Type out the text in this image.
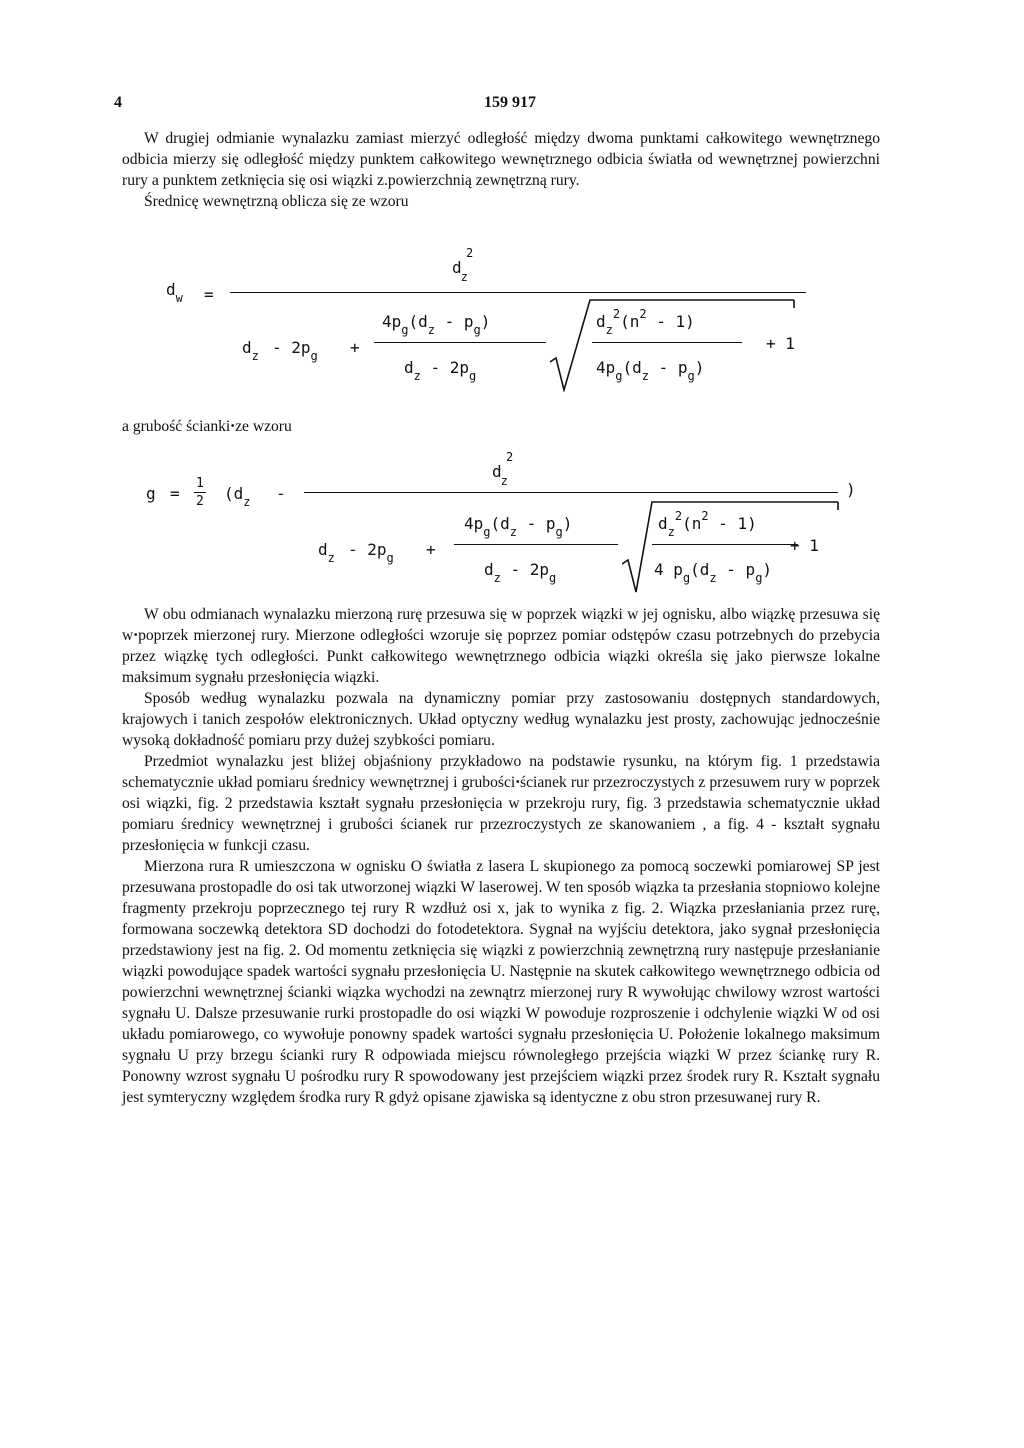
4	159 917

W drugiej odmianie wynalazku zamiast mierzyć odległość między dwoma punktami całkowitego wewnętrznego odbicia mierzy się odległość między punktem całkowitego wewnętrznego odbicia światła od wewnętrznej powierzchni rury a punktem zetknięcia się osi wiązki z.powierzchnią zewnętrzną rury.

Średnicę wewnętrzną oblicza się ze wzoru

$d_w$ =
$d_z$
2
$d_z - 2p_g$ +
$4p_g(d_z - p_g)$
$d_z - 2p_g$
$d_z^2(n^2 - 1)$
$4p_g(d_z - p_g)$
+ 1

a grubość ściankiꞏze wzoru

g =
1
2 ($d_z$ -
$d_z$
2
)
$d_z - 2p_g$ +
$4p_g(d_z - p_g)$
$d_z - 2p_g$
$d_z^2(n^2 - 1)$
4 $p_g(d_z - p_g)$
+ 1

W obu odmianach wynalazku mierzoną rurę przesuwa się w poprzek wiązki w jej ognisku, albo wiązkę przesuwa się wꞏpoprzek mierzonej rury. Mierzone odległości wzoruje się poprzez pomiar odstępów czasu potrzebnych do przebycia przez wiązkę tych odległości. Punkt całkowitego wewnętrznego odbicia wiązki określa się jako pierwsze lokalne maksimum sygnału przesłonięcia wiązki.

Sposób według wynalazku pozwala na dynamiczny pomiar przy zastosowaniu dostępnych standardowych, krajowych i tanich zespołów elektronicznych. Układ optyczny według wynalazku jest prosty, zachowując jednocześnie wysoką dokładność pomiaru przy dużej szybkości pomiaru.

Przedmiot wynalazku jest bliżej objaśniony przykładowo na podstawie rysunku, na którym fig. 1 przedstawia schematycznie układ pomiaru średnicy wewnętrznej i grubościꞏścianek rur przezroczystych z przesuwem rury w poprzek osi wiązki, fig. 2 przedstawia kształt sygnału przesłonięcia w przekroju rury, fig. 3 przedstawia schematycznie układ pomiaru średnicy wewnętrznej i grubości ścianek rur przezroczystych ze skanowaniem , a fig. 4 - kształt sygnału przesłonięcia w funkcji czasu.

Mierzona rura R umieszczona w ognisku O światła z lasera L skupionego za pomocą soczewki pomiarowej SP jest przesuwana prostopadle do osi tak utworzonej wiązki W laserowej. W ten sposób wiązka ta przesłania stopniowo kolejne fragmenty przekroju poprzecznego tej rury R wzdłuż osi x, jak to wynika z fig. 2. Wiązka przesłaniania przez rurę, formowana soczewką detektora SD dochodzi do fotodetektora. Sygnał na wyjściu detektora, jako sygnał przesłonięcia przedstawiony jest na fig. 2. Od momentu zetknięcia się wiązki z powierzchnią zewnętrzną rury następuje przesłanianie wiązki powodujące spadek wartości sygnału przesłonięcia U. Następnie na skutek całkowitego wewnętrznego odbicia od powierzchni wewnętrznej ścianki wiązka wychodzi na zewnątrz mierzonej rury R wywołując chwilowy wzrost wartości sygnału U. Dalsze przesuwanie rurki prostopadle do osi wiązki W powoduje rozproszenie i odchylenie wiązki W od osi układu pomiarowego, co wywołuje ponowny spadek wartości sygnału przesłonięcia U. Położenie lokalnego maksimum sygnału U przy brzegu ścianki rury R odpowiada miejscu równoległego przejścia wiązki W przez ściankę rury R. Ponowny wzrost sygnału U pośrodku rury R spowodowany jest przejściem wiązki przez środek rury R. Kształt sygnału jest symteryczny względem środka rury R gdyż opisane zjawiska są identyczne z obu stron przesuwanej rury R.
